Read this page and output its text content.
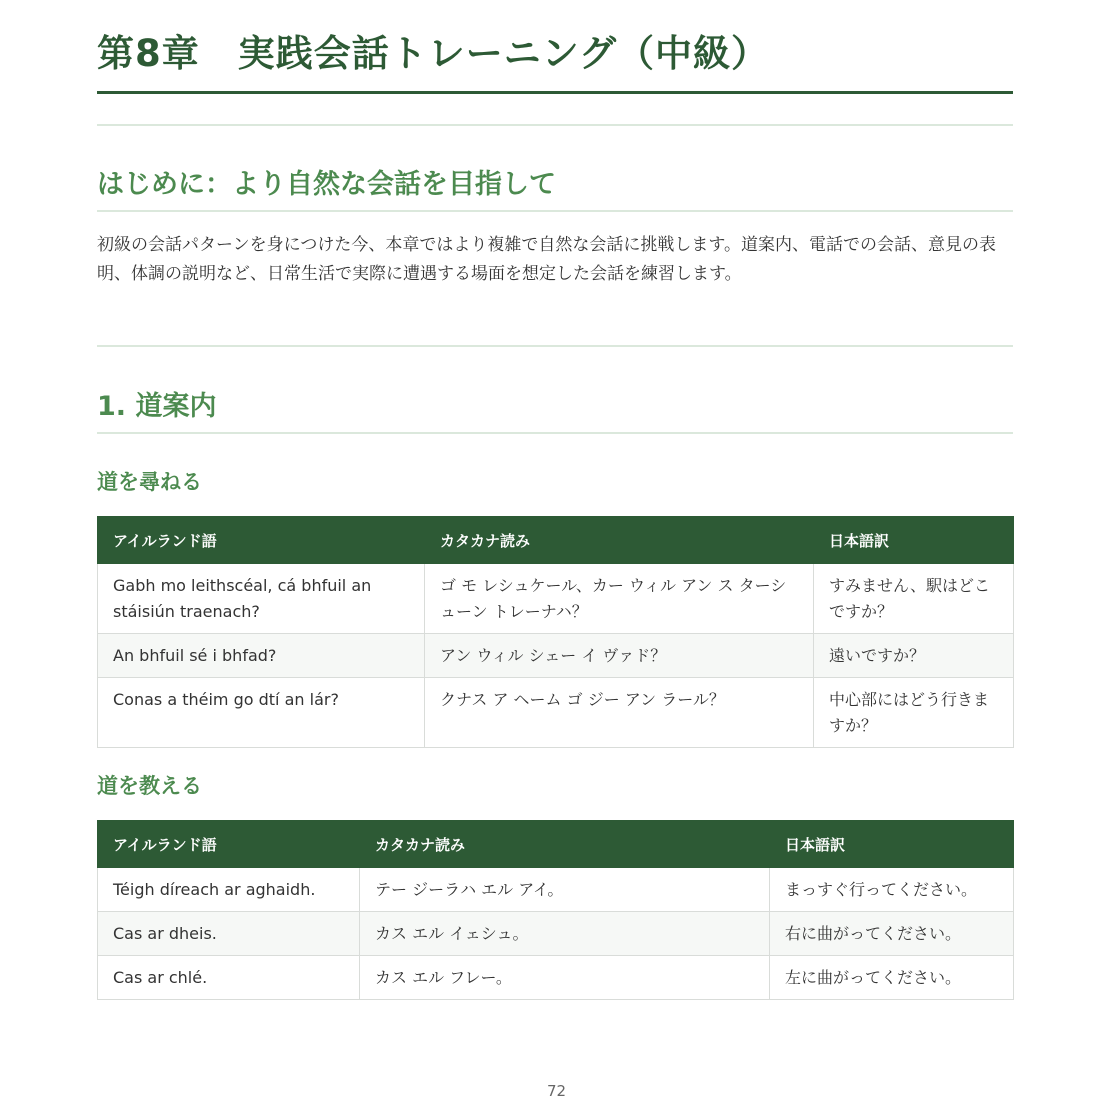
第8章　実践会話トレーニング（中級）
はじめに：より自然な会話を目指して

初級の会話パターンを身につけた今、本章ではより複雑で自然な会話に挑戦します。道案内、電話での会話、意見の表明、体調の説明など、日常生活で実際に遭遇する場面を想定した会話を練習します。

1. 道案内
道を尋ねる
アイルランド語	カタカナ読み	日本語訳
Gabh mo leithscéal, cá bhfuil an stáisiún traenach?	ゴ モ レシュケール、カー ウィル アン ス ターシューン トレーナハ？	すみません、駅はどこですか？
An bhfuil sé i bhfad?	アン ウィル シェー イ ヴァド？	遠いですか？
Conas a théim go dtí an lár?	クナス ア ヘーム ゴ ジー アン ラール？	中心部にはどう行きますか？
道を教える
アイルランド語	カタカナ読み	日本語訳
Téigh díreach ar aghaidh.	テー ジーラハ エル アイ。	まっすぐ行ってください。
Cas ar dheis.	カス エル イェシュ。	右に曲がってください。
Cas ar chlé.	カス エル フレー。	左に曲がってください。
72
